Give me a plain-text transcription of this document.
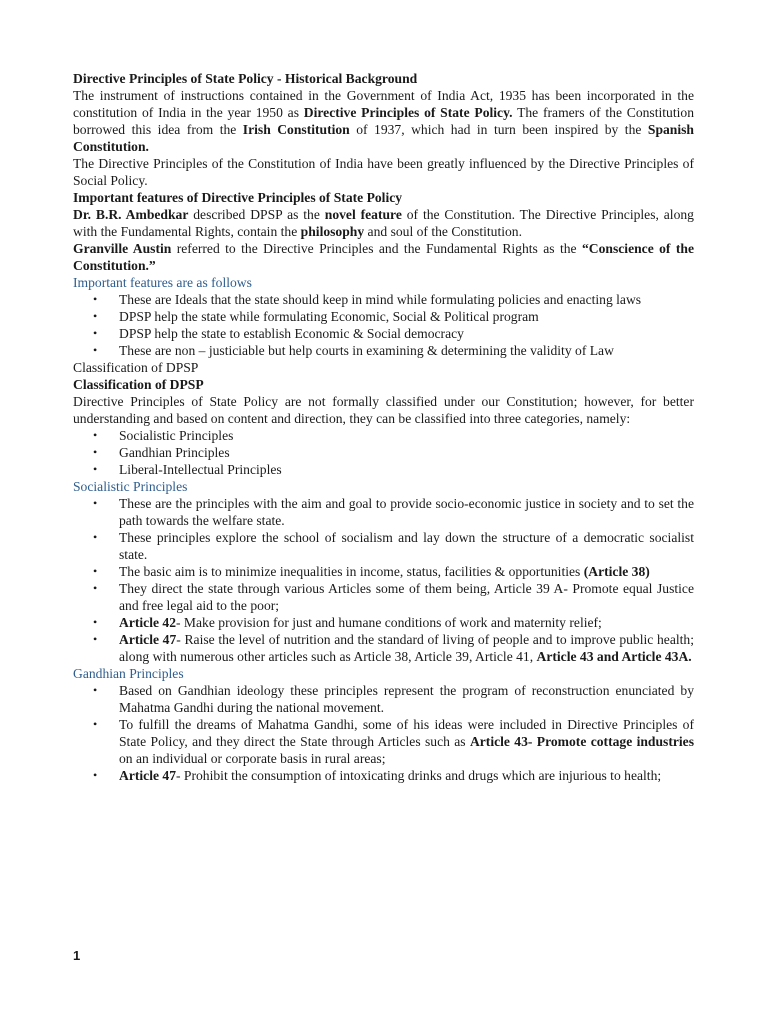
Directive Principles of State Policy - Historical Background

The instrument of instructions contained in the Government of India Act, 1935 has been incorporated in the constitution of India in the year 1950 as Directive Principles of State Policy. The framers of the Constitution borrowed this idea from the Irish Constitution of 1937, which had in turn been inspired by the Spanish Constitution.

The Directive Principles of the Constitution of India have been greatly influenced by the Directive Principles of Social Policy.

Important features of Directive Principles of State Policy

Dr. B.R. Ambedkar described DPSP as the novel feature of the Constitution. The Directive Principles, along with the Fundamental Rights, contain the philosophy and soul of the Constitution.

Granville Austin referred to the Directive Principles and the Fundamental Rights as the “Conscience of the Constitution.”

Important features are as follows

• These are Ideals that the state should keep in mind while formulating policies and enacting laws
• DPSP help the state while formulating Economic, Social & Political program
• DPSP help the state to establish Economic & Social democracy
• These are non – justiciable but help courts in examining & determining the validity of Law

Classification of DPSP

Classification of DPSP

Directive Principles of State Policy are not formally classified under our Constitution; however, for better understanding and based on content and direction, they can be classified into three categories, namely:

• Socialistic Principles
• Gandhian Principles
• Liberal-Intellectual Principles

Socialistic Principles

• These are the principles with the aim and goal to provide socio-economic justice in society and to set the path towards the welfare state.
• These principles explore the school of socialism and lay down the structure of a democratic socialist state.
• The basic aim is to minimize inequalities in income, status, facilities & opportunities (Article 38)
• They direct the state through various Articles some of them being, Article 39 A- Promote equal Justice and free legal aid to the poor;
• Article 42- Make provision for just and humane conditions of work and maternity relief;
• Article 47- Raise the level of nutrition and the standard of living of people and to improve public health; along with numerous other articles such as Article 38, Article 39, Article 41, Article 43 and Article 43A.

Gandhian Principles

• Based on Gandhian ideology these principles represent the program of reconstruction enunciated by Mahatma Gandhi during the national movement.
• To fulfill the dreams of Mahatma Gandhi, some of his ideas were included in Directive Principles of State Policy, and they direct the State through Articles such as Article 43- Promote cottage industries on an individual or corporate basis in rural areas;
• Article 47- Prohibit the consumption of intoxicating drinks and drugs which are injurious to health;
1
